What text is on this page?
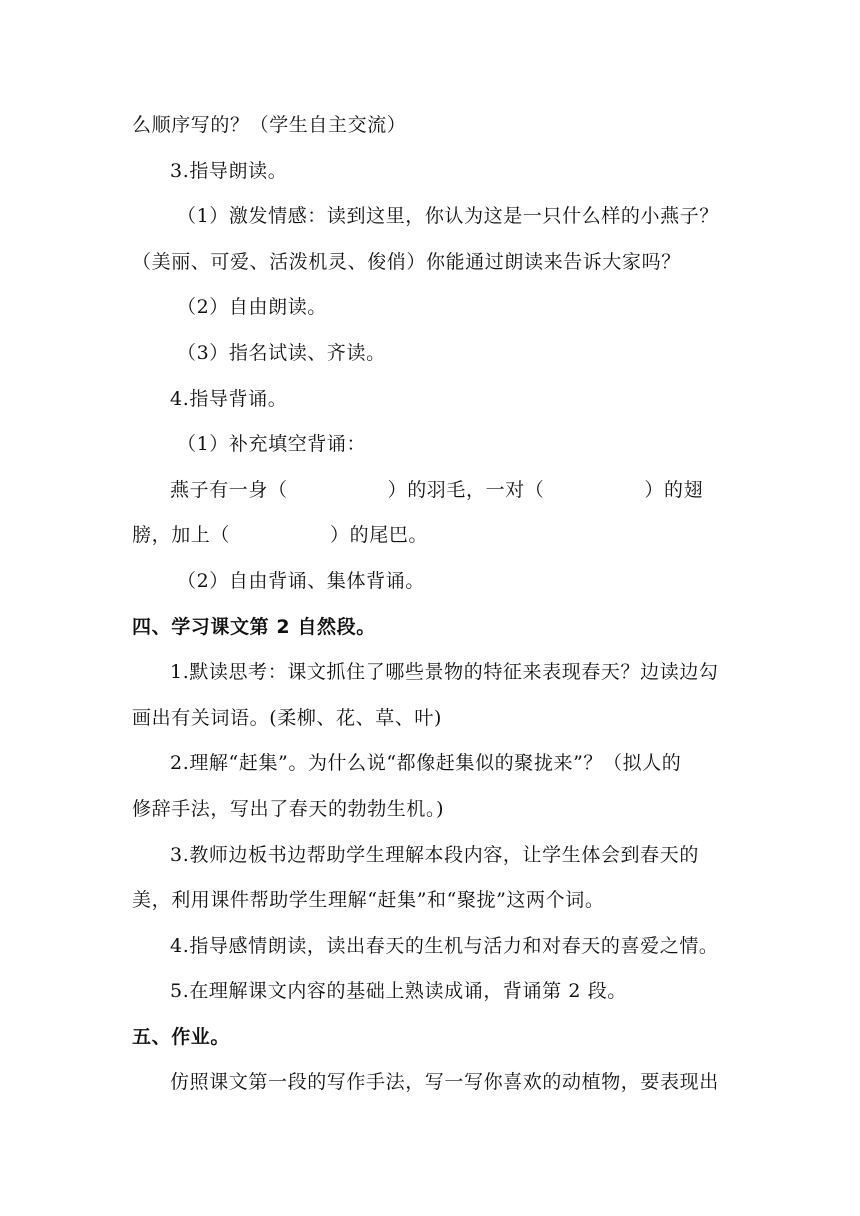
么顺序写的？（学生自主交流）
3.指导朗读。
（1）激发情感：读到这里，你认为这是一只什么样的小燕子？
（美丽、可爱、活泼机灵、俊俏）你能通过朗读来告诉大家吗？
（2）自由朗读。
（3）指名试读、齐读。
4.指导背诵。
（1）补充填空背诵：
燕子有一身（	）的羽毛，一对（	）的翅
膀，加上（	）的尾巴。
（2）自由背诵、集体背诵。
四、学习课文第 2 自然段。
1.默读思考：课文抓住了哪些景物的特征来表现春天？边读边勾
画出有关词语。(柔柳、花、草、叶)
2.理解“赶集”。为什么说“都像赶集似的聚拢来”？（拟人的
修辞手法，写出了春天的勃勃生机。)
3.教师边板书边帮助学生理解本段内容，让学生体会到春天的
美，利用课件帮助学生理解“赶集”和“聚拢”这两个词。
4.指导感情朗读，读出春天的生机与活力和对春天的喜爱之情。
5.在理解课文内容的基础上熟读成诵，背诵第 2 段。
五、作业。
仿照课文第一段的写作手法，写一写你喜欢的动植物，要表现出
